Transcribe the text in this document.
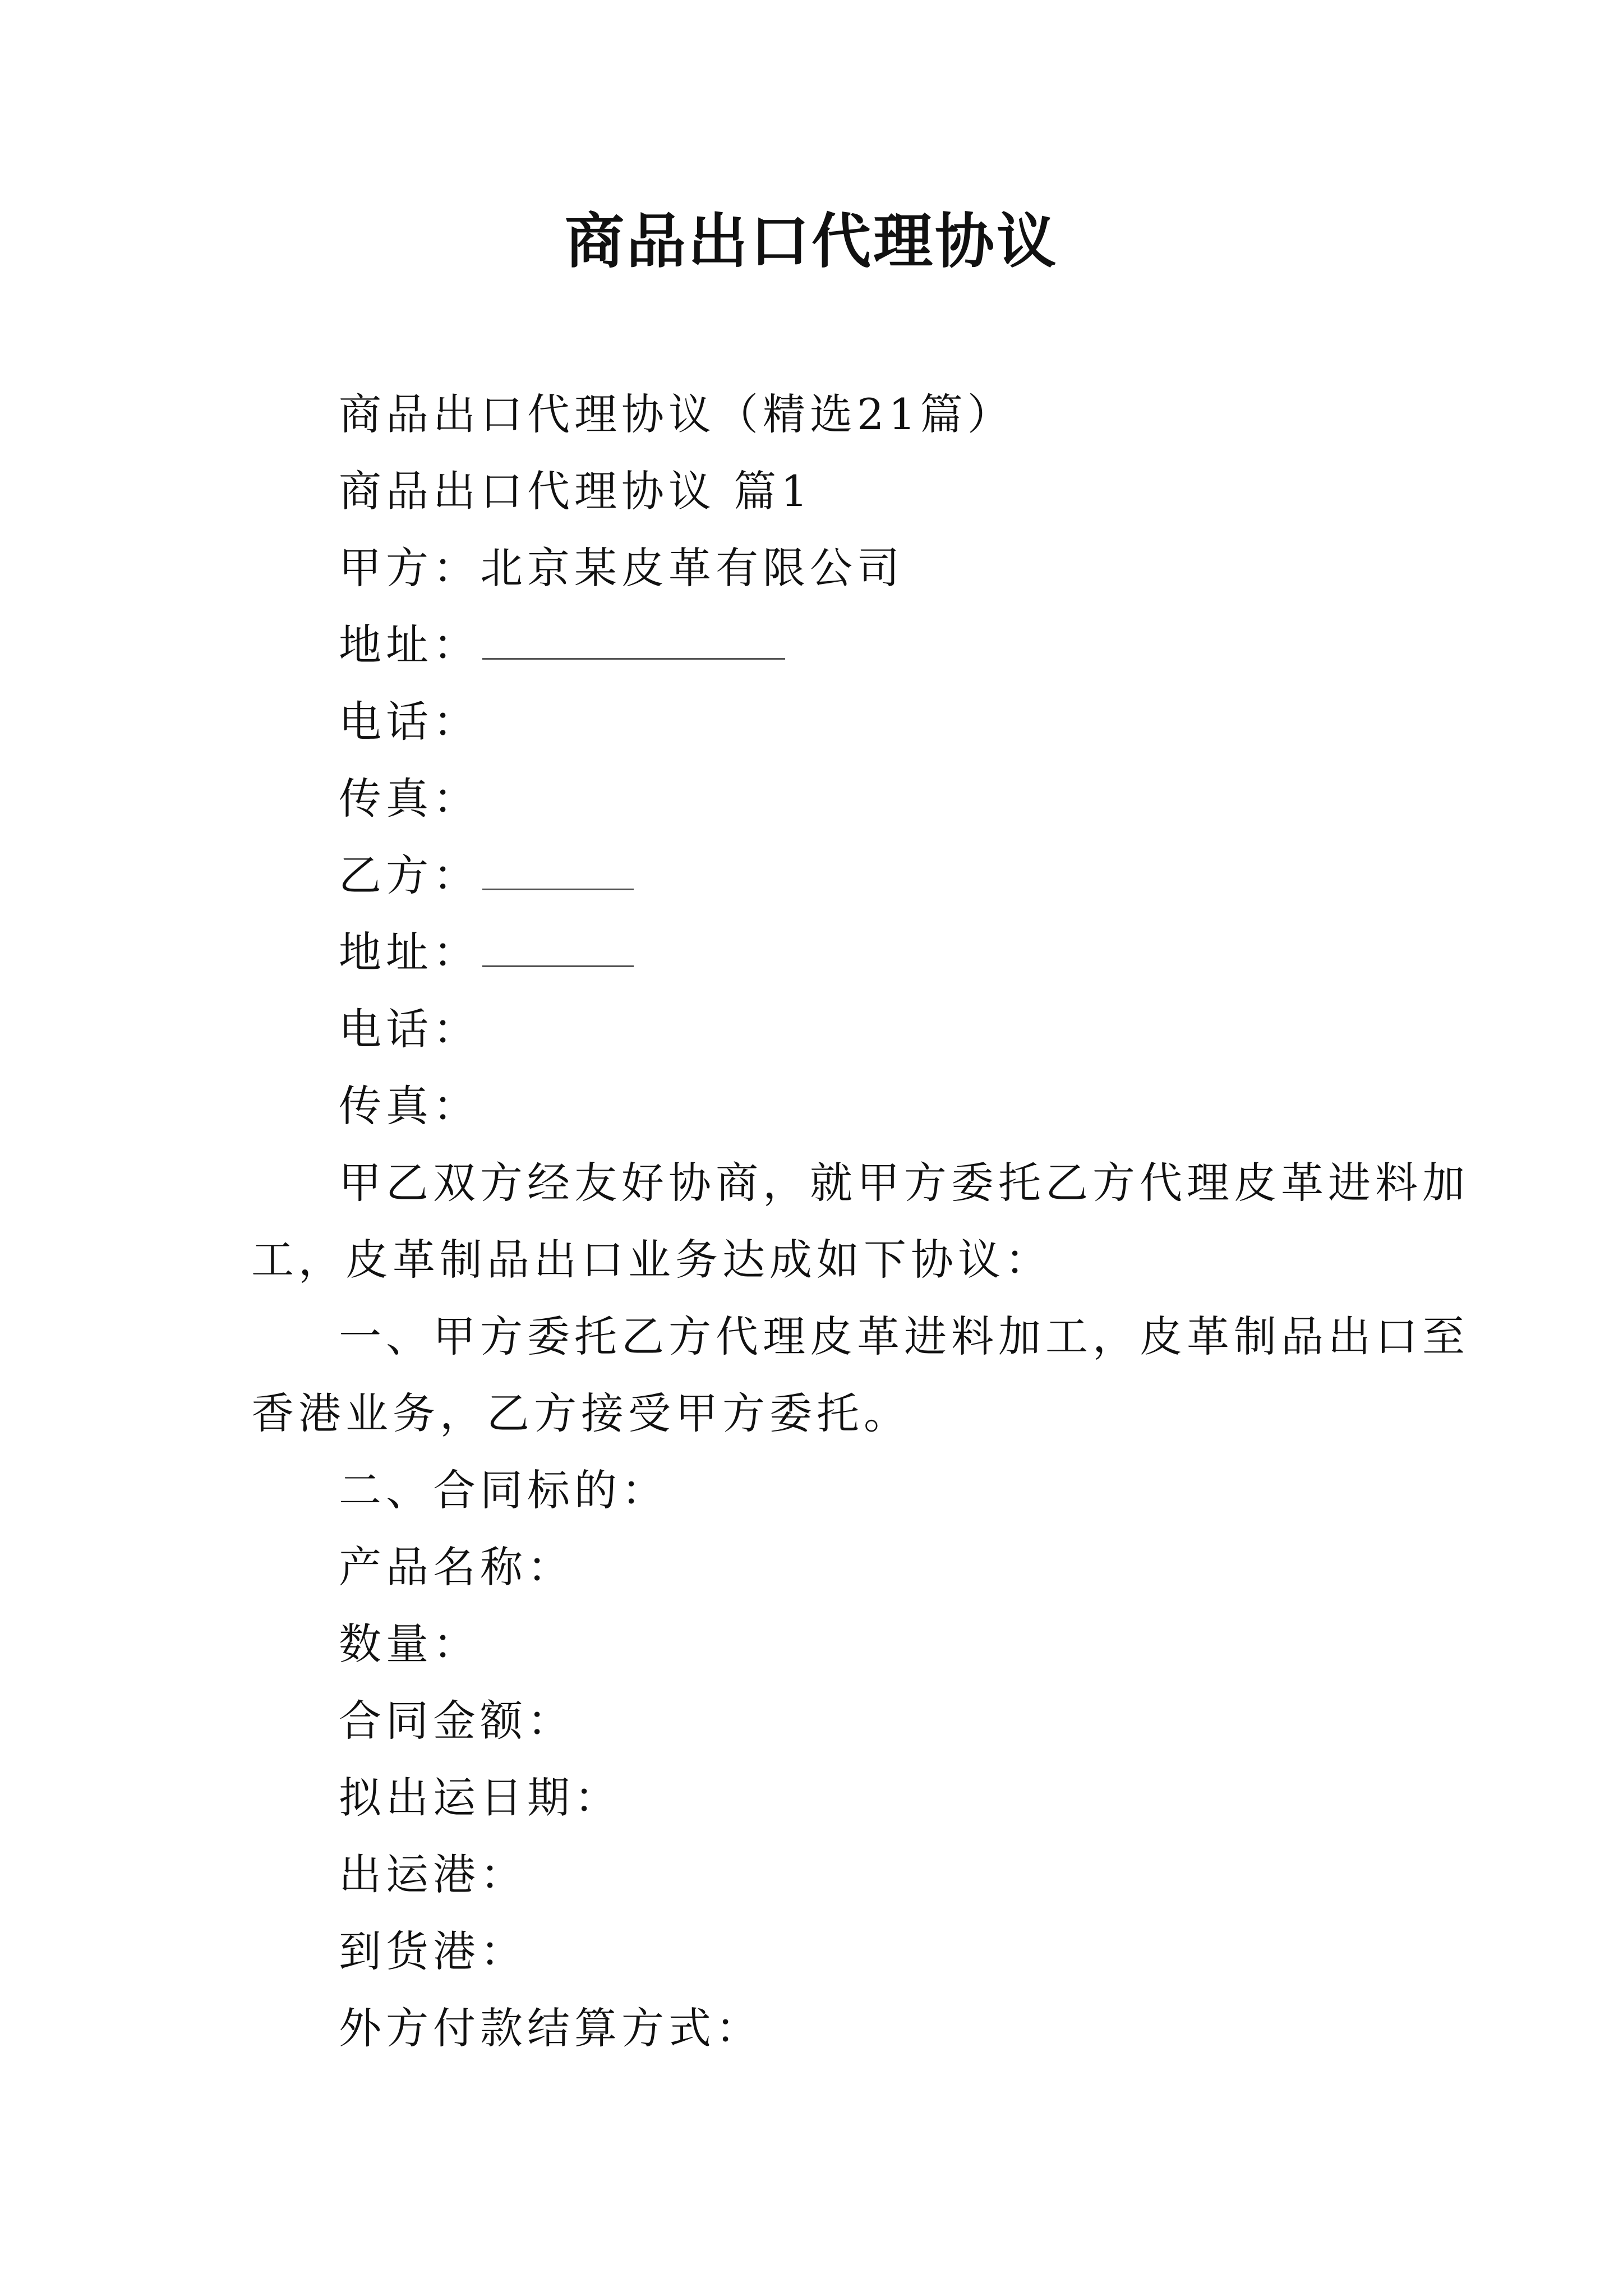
商品出口代理协议
商品出口代理协议（精选21篇）
商品出口代理协议 篇1
甲方：北京某皮革有限公司
地址：
电话：
传真：
乙方：
地址：
电话：
传真：
甲乙双方经友好协商，就甲方委托乙方代理皮革进料加
工，皮革制品出口业务达成如下协议：
一、甲方委托乙方代理皮革进料加工，皮革制品出口至
香港业务，乙方接受甲方委托。
二、合同标的：
产品名称：
数量：
合同金额：
拟出运日期：
出运港：
到货港：
外方付款结算方式：
